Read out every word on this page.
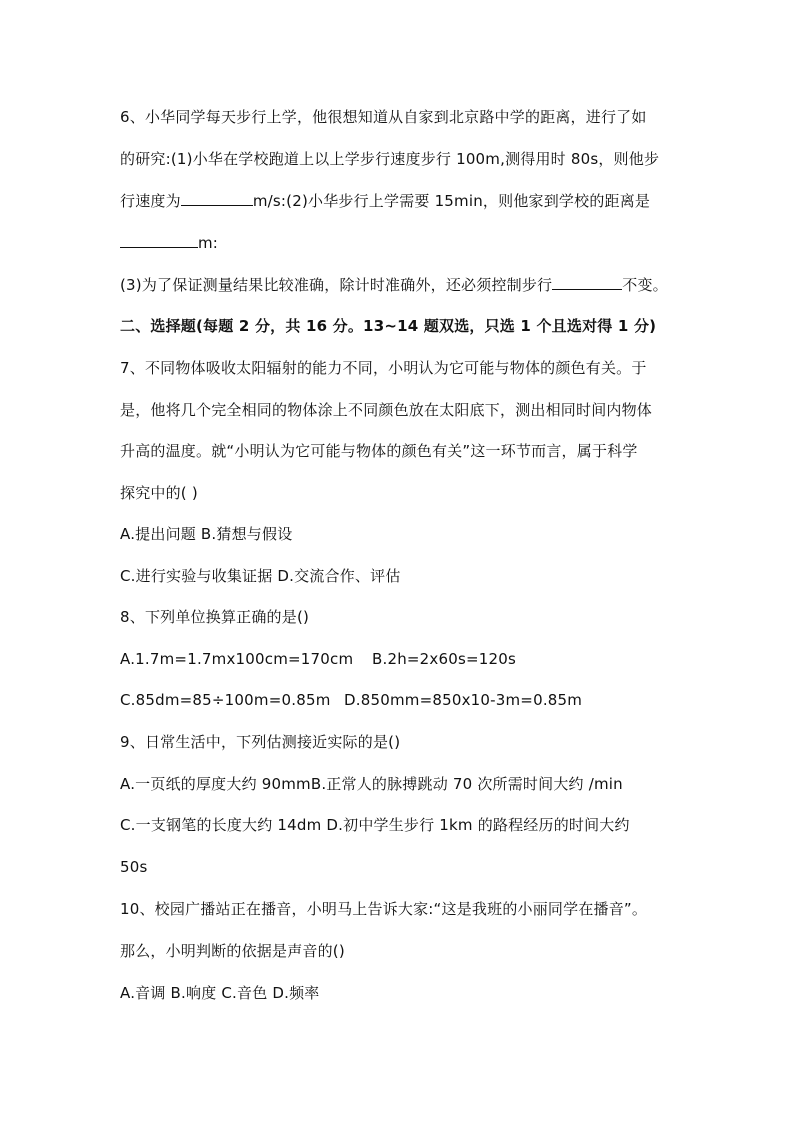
6、小华同学每天步行上学，他很想知道从自家到北京路中学的距离，进行了如
的研究:(1)小华在学校跑道上以上学步行速度步行 100m,测得用时 80s，则他步
行速度为	m/s:(2)小华步行上学需要 15min，则他家到学校的距离是
m:
(3)为了保证测量结果比较准确，除计时准确外，还必须控制步行	不变。
二、选择题(每题 2 分，共 16 分。13~14 题双选，只选 1 个且选对得 1 分)
7、不同物体吸收太阳辐射的能力不同，小明认为它可能与物体的颜色有关。于
是，他将几个完全相同的物体涂上不同颜色放在太阳底下，测出相同时间内物体
升高的温度。就“小明认为它可能与物体的颜色有关”这一环节而言，属于科学
探究中的( )
A.提出问题 B.猜想与假设
C.进行实验与收集证据 D.交流合作、评估
8、下列单位换算正确的是()
A.1.7m=1.7mx100cm=170cm B.2h=2x60s=120s
C.85dm=85÷100m=0.85m D.850mm=850x10-3m=0.85m
9、日常生活中，下列估测接近实际的是()
A.一页纸的厚度大约 90mmB.正常人的脉搏跳动 70 次所需时间大约 /min
C.一支钢笔的长度大约 14dm D.初中学生步行 1km 的路程经历的时间大约
50s
10、校园广播站正在播音，小明马上告诉大家:“这是我班的小丽同学在播音”。
那么，小明判断的依据是声音的()
A.音调 B.响度 C.音色 D.频率
